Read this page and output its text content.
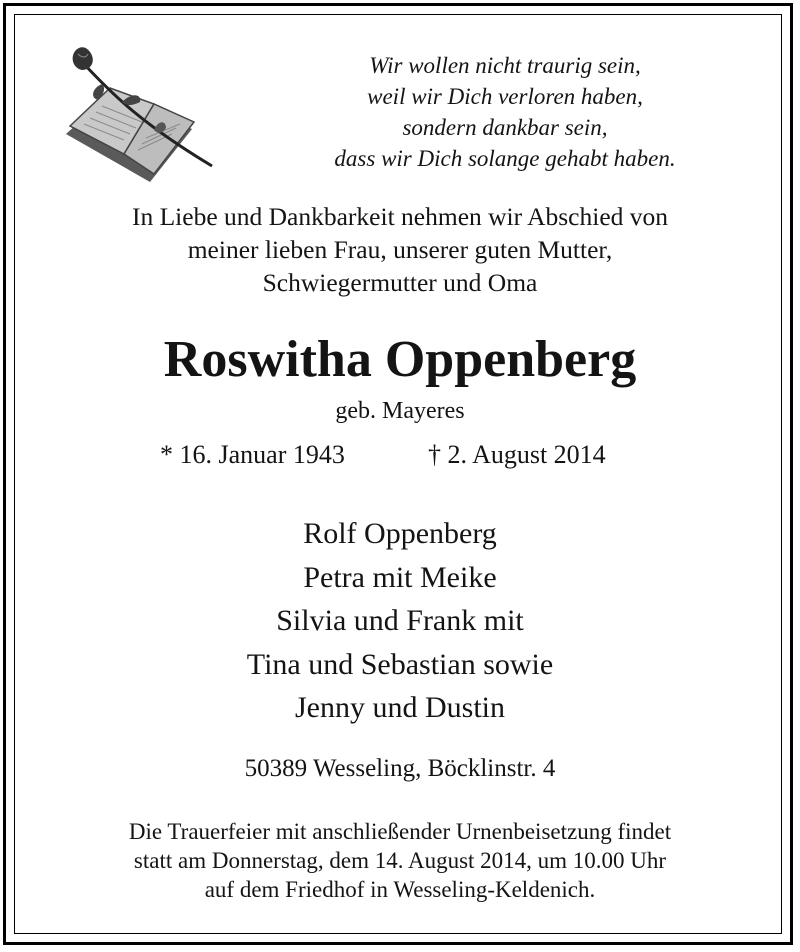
Wir wollen nicht traurig sein,
weil wir Dich verloren haben,
sondern dankbar sein,
dass wir Dich solange gehabt haben.
In Liebe und Dankbarkeit nehmen wir Abschied von
meiner lieben Frau, unserer guten Mutter,
Schwiegermutter und Oma
Roswitha Oppenberg
geb. Mayeres
* 16. Januar 1943	† 2. August 2014
Rolf Oppenberg
Petra mit Meike
Silvia und Frank mit
Tina und Sebastian sowie
Jenny und Dustin
50389 Wesseling, Böcklinstr. 4
Die Trauerfeier mit anschließender Urnenbeisetzung findet
statt am Donnerstag, dem 14. August 2014, um 10.00 Uhr
auf dem Friedhof in Wesseling-Keldenich.
